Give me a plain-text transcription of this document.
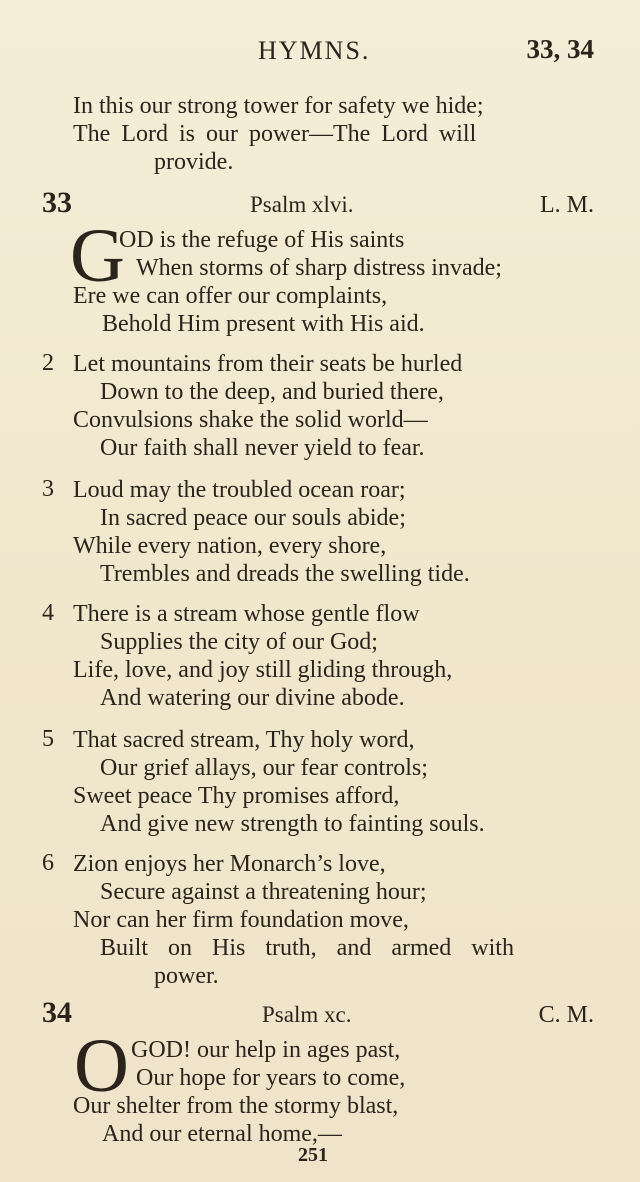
HYMNS.	33, 34
In this our strong tower for safety we hide;
The Lord is our power—The Lord will
provide.
33	Psalm xlvi.	L. M.
G
OD is the refuge of His saints
When storms of sharp distress invade;
Ere we can offer our complaints,
Behold Him present with His aid.
2 Let mountains from their seats be hurled
Down to the deep, and buried there,
Convulsions shake the solid world—
Our faith shall never yield to fear.
3 Loud may the troubled ocean roar;
In sacred peace our souls abide;
While every nation, every shore,
Trembles and dreads the swelling tide.
4 There is a stream whose gentle flow
Supplies the city of our God;
Life, love, and joy still gliding through,
And watering our divine abode.
5 That sacred stream, Thy holy word,
Our grief allays, our fear controls;
Sweet peace Thy promises afford,
And give new strength to fainting souls.
6 Zion enjoys her Monarch’s love,
Secure against a threatening hour;
Nor can her firm foundation move,
Built on His truth, and armed with
power.
34	Psalm xc.	C. M.
O GOD! our help in ages past,
Our hope for years to come,
Our shelter from the stormy blast,
And our eternal home,—
251
